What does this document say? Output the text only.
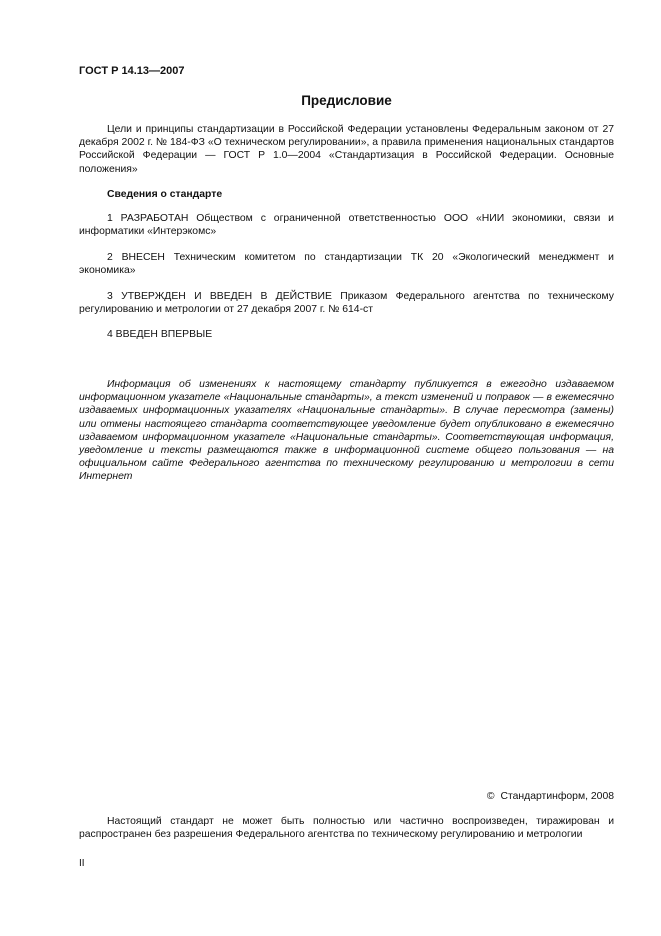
ГОСТ Р 14.13—2007
Предисловие

Цели и принципы стандартизации в Российской Федерации установлены Федеральным законом от 27 декабря 2002 г. № 184-ФЗ «О техническом регулировании», а правила применения национальных стандартов Российской Федерации — ГОСТ Р 1.0—2004 «Стандартизация в Российской Федерации. Основные положения»

Сведения о стандарте

1 РАЗРАБОТАН Обществом с ограниченной ответственностью ООО «НИИ экономики, связи и информатики «Интерэкомс»

2 ВНЕСЕН Техническим комитетом по стандартизации ТК 20 «Экологический менеджмент и экономика»

3 УТВЕРЖДЕН И ВВЕДЕН В ДЕЙСТВИЕ Приказом Федерального агентства по техническому регулированию и метрологии от 27 декабря 2007 г. № 614-ст

4 ВВЕДЕН ВПЕРВЫЕ

Информация об изменениях к настоящему стандарту публикуется в ежегодно издаваемом информационном указателе «Национальные стандарты», а текст изменений и поправок — в ежемесячно издаваемых информационных указателях «Национальные стандарты». В случае пересмотра (замены) или отмены настоящего стандарта соответствующее уведомление будет опубликовано в ежемесячно издаваемом информационном указателе «Национальные стандарты». Соответствующая информация, уведомление и тексты размещаются также в информационной системе общего пользования — на официальном сайте Федерального агентства по техническому регулированию и метрологии в сети Интернет

© Стандартинформ, 2008

Настоящий стандарт не может быть полностью или частично воспроизведен, тиражирован и распространен без разрешения Федерального агентства по техническому регулированию и метрологии

II
